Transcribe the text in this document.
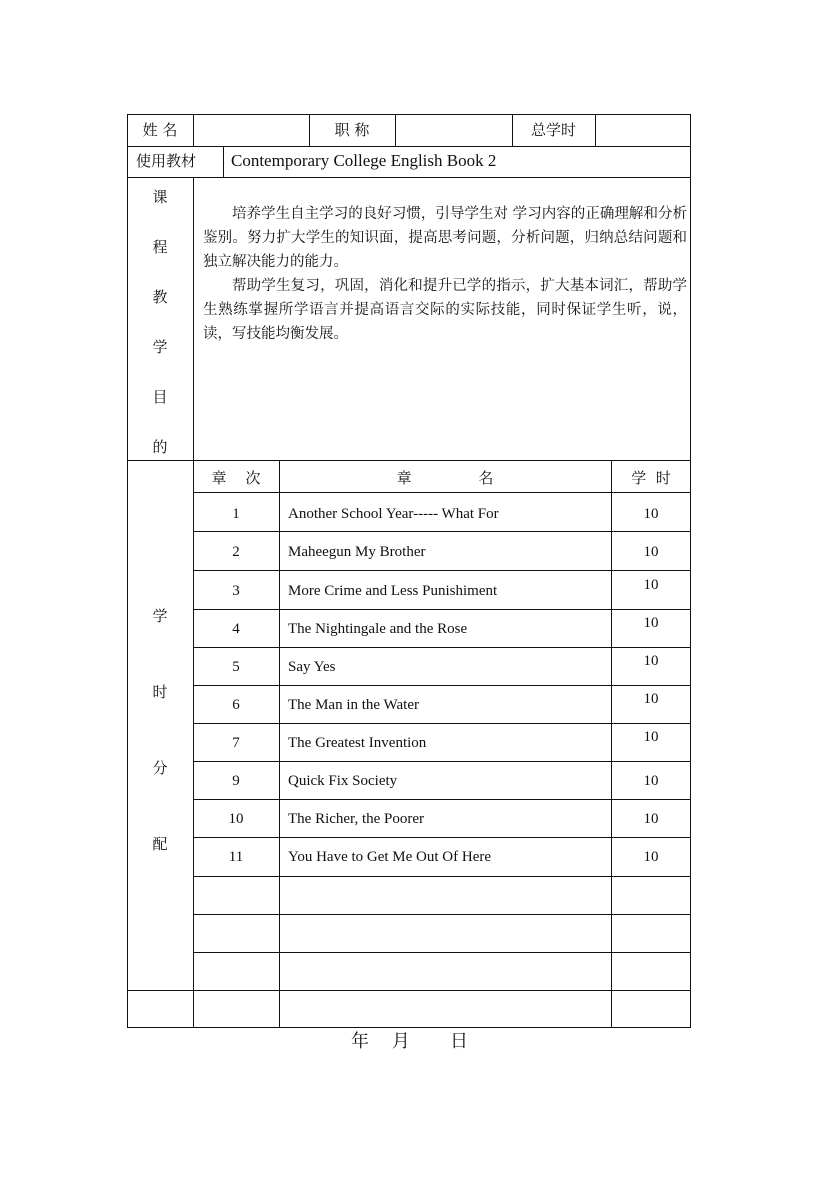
姓 名	职 称	总学时
使用教材 Contemporary College English Book 2
课
程
教
学
目
的

培养学生自主学习的良好习惯，引导学生对 学习内容的正确理解和分析鉴别。努力扩大学生的知识面，提高思考问题，分析问题，归纳总结问题和独立解决能力的能力。

帮助学生复习，巩固，消化和提升已学的指示，扩大基本词汇，帮助学生熟练掌握所学语言并提高语言交际的实际技能，同时保证学生听，说，读，写技能均衡发展。

学
时
分
配
章    次	章              名	学  时
1	Another School Year----- What For	10
2	Maheegun My Brother	10
3	More Crime and Less Punishiment	10
4	The Nightingale and the Rose	10
5	Say Yes	10
6	The Man in the Water	10
7	The Greatest Invention	10
9	Quick Fix Society	10
10	The Richer, the Poorer	10
11	You Have to Get Me Out Of Here	10
年    月       日
